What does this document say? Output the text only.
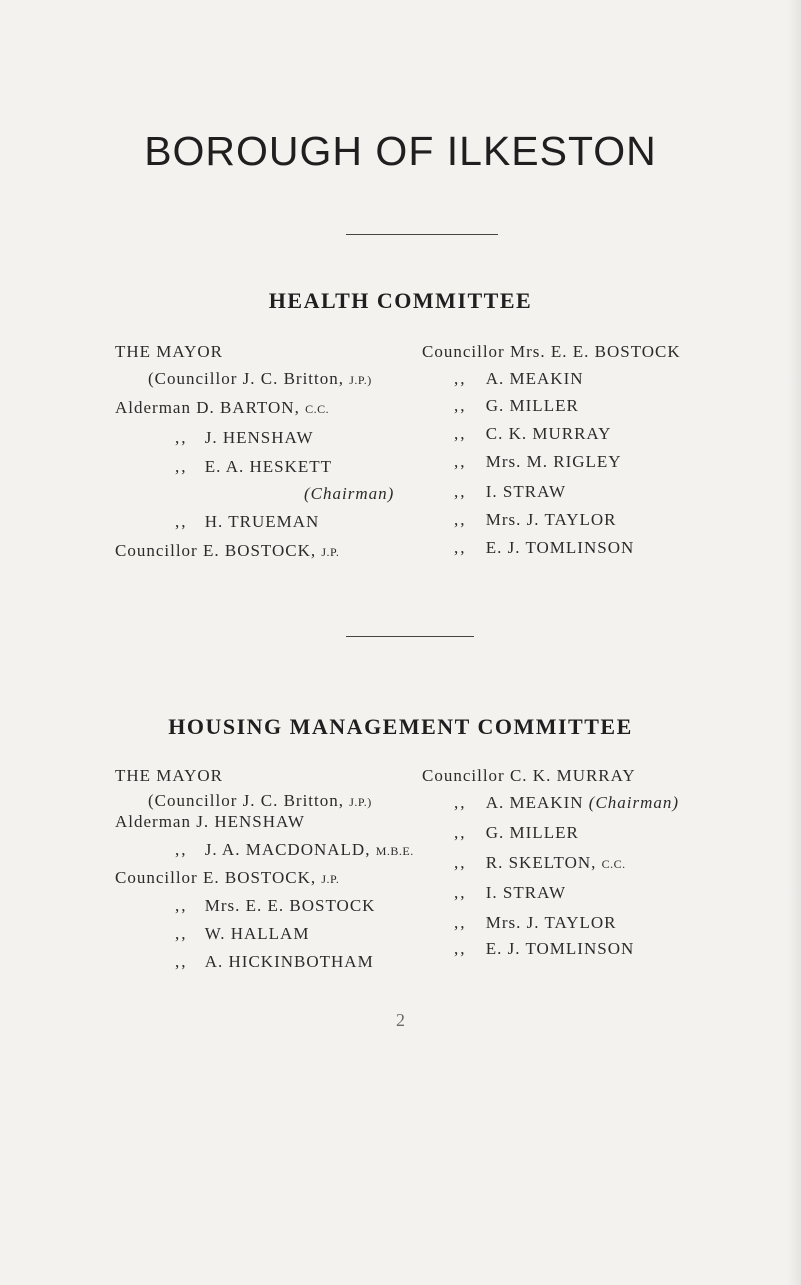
BOROUGH OF ILKESTON
HEALTH COMMITTEE
THE MAYOR
(Councillor J. C. Britton, J.P.)
Alderman D. BARTON, C.C.
,, J. HENSHAW
,, E. A. HESKETT
(Chairman)
,, H. TRUEMAN
Councillor E. BOSTOCK, J.P.
Councillor Mrs. E. E. BOSTOCK
,, A. MEAKIN
,, G. MILLER
,, C. K. MURRAY
,, Mrs. M. RIGLEY
,, I. STRAW
,, Mrs. J. TAYLOR
,, E. J. TOMLINSON
HOUSING MANAGEMENT COMMITTEE
THE MAYOR
(Councillor J. C. Britton, J.P.)
Alderman J. HENSHAW
,, J. A. MACDONALD, M.B.E.
Councillor E. BOSTOCK, J.P.
,, Mrs. E. E. BOSTOCK
,, W. HALLAM
,, A. HICKINBOTHAM
Councillor C. K. MURRAY
,, A. MEAKIN (Chairman)
,, G. MILLER
,, R. SKELTON, C.C.
,, I. STRAW
,, Mrs. J. TAYLOR
,, E. J. TOMLINSON
2
